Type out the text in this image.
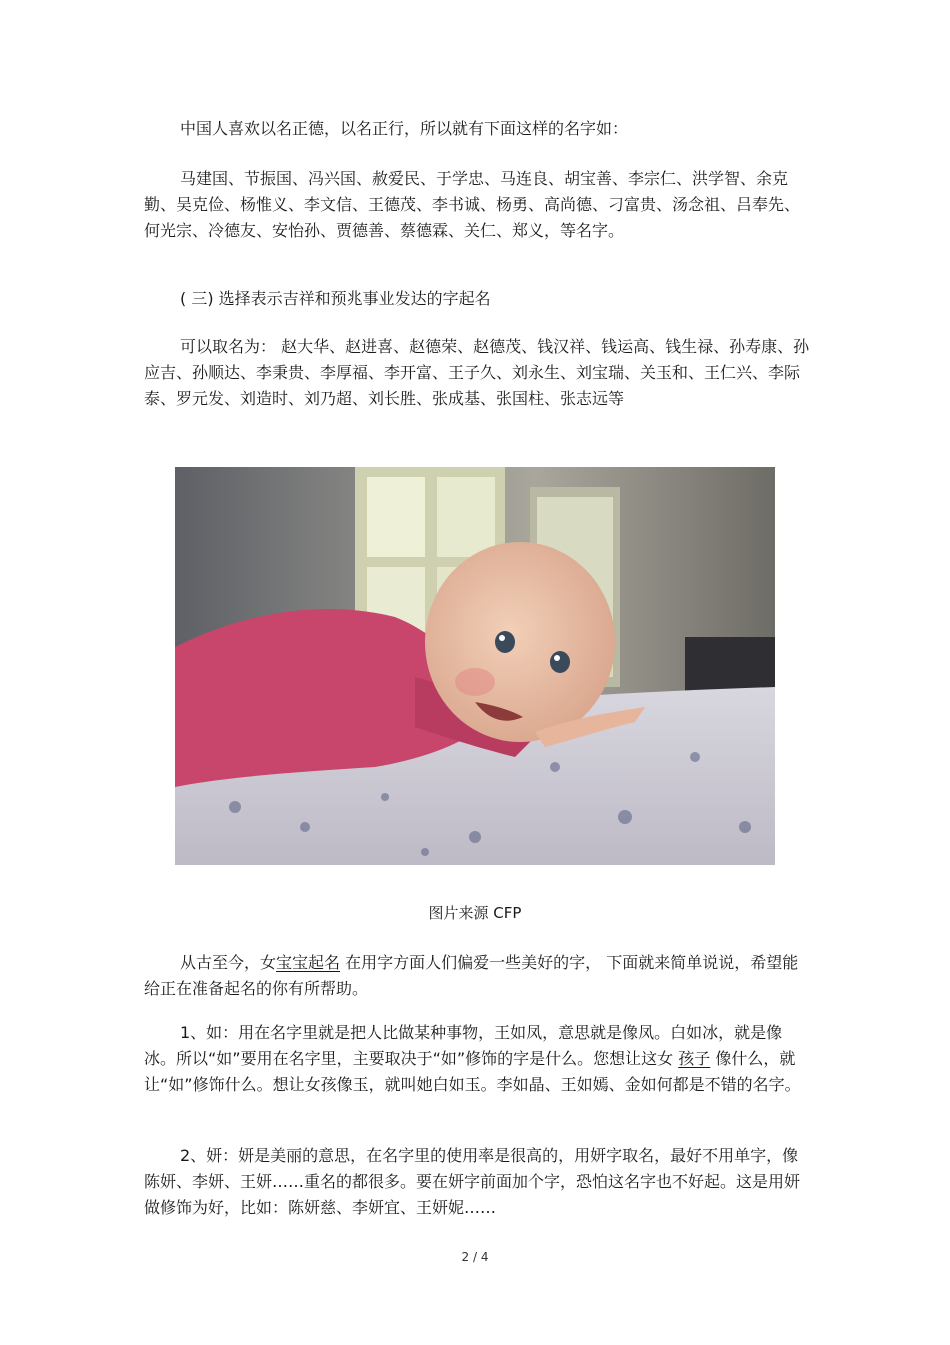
中国人喜欢以名正德，以名正行，所以就有下面这样的名字如：

马建国、节振国、冯兴国、赦爱民、于学忠、马连良、胡宝善、李宗仁、洪学智、余克勤、吴克俭、杨惟义、李文信、王德茂、李书诚、杨勇、高尚德、刁富贵、汤念祖、吕奉先、何光宗、冷德友、安怡孙、贾德善、蔡德霖、关仁、郑义，等名字。

( 三) 选择表示吉祥和预兆事业发达的字起名

可以取名为： 赵大华、赵进喜、赵德荣、赵德茂、钱汉祥、钱运高、钱生禄、孙寿康、孙应吉、孙顺达、李秉贵、李厚福、李开富、王子久、刘永生、刘宝瑞、关玉和、王仁兴、李际泰、罗元发、刘造时、刘乃超、刘长胜、张成基、张国柱、张志远等

图片来源 CFP

从古至今，女宝宝起名 在用字方面人们偏爱一些美好的字， 下面就来简单说说，希望能给正在准备起名的你有所帮助。

1、如：用在名字里就是把人比做某种事物，王如凤，意思就是像凤。白如冰，就是像冰。所以“如”要用在名字里，主要取决于“如”修饰的字是什么。您想让这女 孩子 像什么，就让“如”修饰什么。想让女孩像玉，就叫她白如玉。李如晶、王如嫣、金如何都是不错的名字。

2、妍：妍是美丽的意思，在名字里的使用率是很高的，用妍字取名，最好不用单字，像陈妍、李妍、王妍……重名的都很多。要在妍字前面加个字，恐怕这名字也不好起。这是用妍做修饰为好，比如：陈妍慈、李妍宜、王妍妮……

2 / 4
